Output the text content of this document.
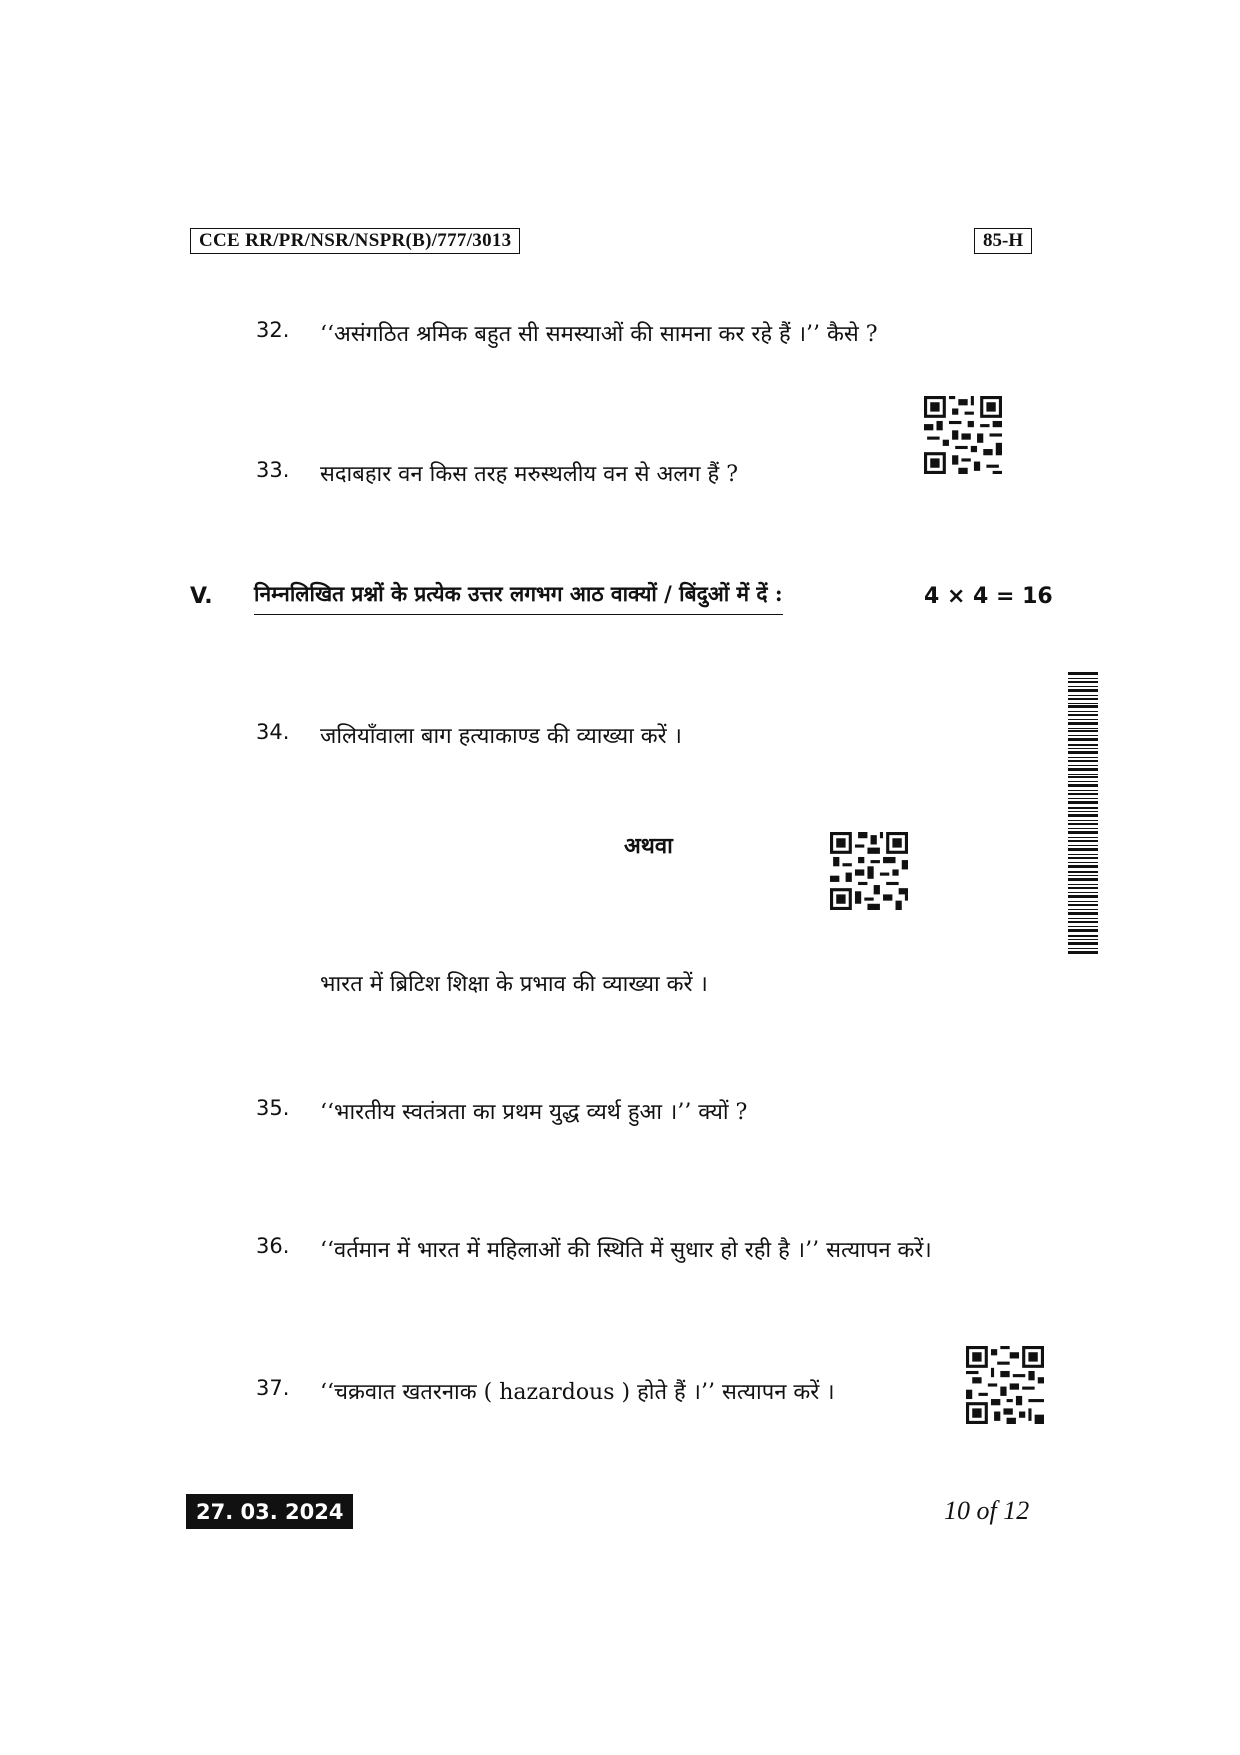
CCE RR/PR/NSR/NSPR(B)/777/3013	85-H
32. ‘‘असंगठित श्रमिक बहुत सी समस्याओं की सामना कर रहे हैं ।’’ कैसे ?
33. सदाबहार वन किस तरह मरुस्थलीय वन से अलग हैं ?
V. निम्नलिखित प्रश्नों के प्रत्येक उत्तर लगभग आठ वाक्यों / बिंदुओं में दें :	4 × 4 = 16
34. जलियाँवाला बाग हत्याकाण्ड की व्याख्या करें ।
अथवा
भारत में ब्रिटिश शिक्षा के प्रभाव की व्याख्या करें ।
35. ‘‘भारतीय स्वतंत्रता का प्रथम युद्ध व्यर्थ हुआ ।’’ क्यों ?
36. ‘‘वर्तमान में भारत में महिलाओं की स्थिति में सुधार हो रही है ।’’ सत्यापन करें।
37. ‘‘चक्रवात खतरनाक ( hazardous ) होते हैं ।’’ सत्यापन करें ।
27. 03. 2024	10 of 12
